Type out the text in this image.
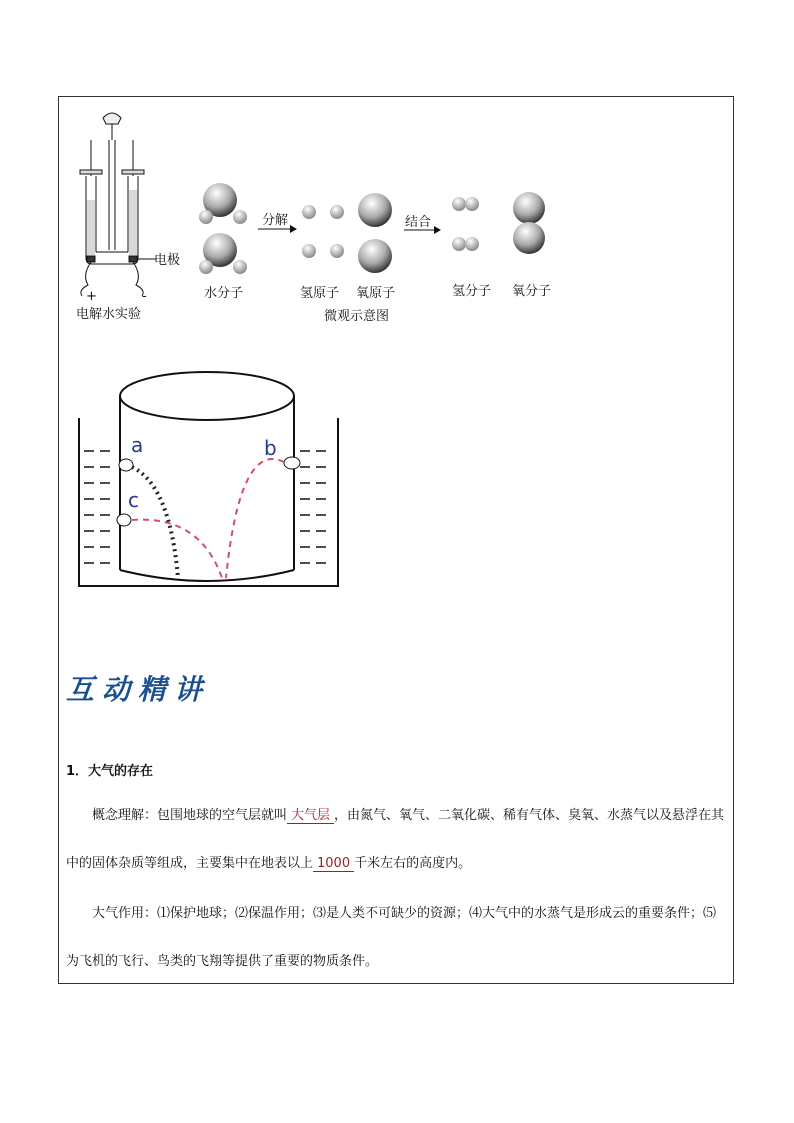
+	-
电极
电解水实验
水分子
分解
氢原子 氧原子
微观示意图
结合
氢分子 氧分子
a	b
c
互动精讲
1．大气的存在

概念理解：包围地球的空气层就叫 大气层 ，由氮气、氧气、二氧化碳、稀有气体、臭氧、水蒸气以及悬浮在其中的固体杂质等组成，主要集中在地表以上 1000 千米左右的高度内。

大气作用：⑴保护地球；⑵保温作用；⑶是人类不可缺少的资源；⑷大气中的水蒸气是形成云的重要条件；⑸为飞机的飞行、鸟类的飞翔等提供了重要的物质条件。
